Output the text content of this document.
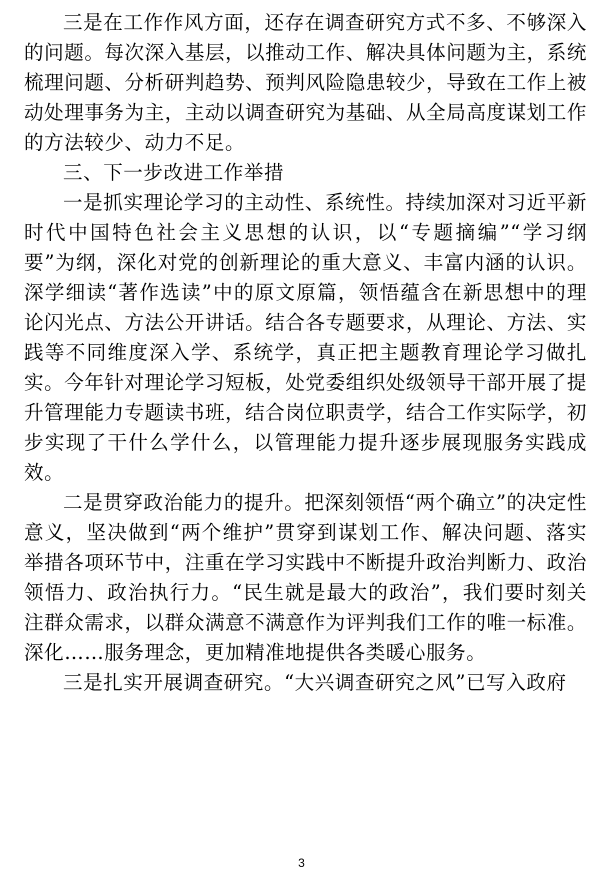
三是在工作作风方面，还存在调查研究方式不多、不够深入的问题。每次深入基层，以推动工作、解决具体问题为主，系统梳理问题、分析研判趋势、预判风险隐患较少，导致在工作上被动处理事务为主，主动以调查研究为基础、从全局高度谋划工作的方法较少、动力不足。

三、下一步改进工作举措

一是抓实理论学习的主动性、系统性。持续加深对习近平新时代中国特色社会主义思想的认识，以“专题摘编”“学习纲要”为纲，深化对党的创新理论的重大意义、丰富内涵的认识。深学细读“著作选读”中的原文原篇，领悟蕴含在新思想中的理论闪光点、方法公开讲话。结合各专题要求，从理论、方法、实践等不同维度深入学、系统学，真正把主题教育理论学习做扎实。今年针对理论学习短板，处党委组织处级领导干部开展了提升管理能力专题读书班，结合岗位职责学，结合工作实际学，初步实现了干什么学什么，以管理能力提升逐步展现服务实践成效。

二是贯穿政治能力的提升。把深刻领悟“两个确立”的决定性意义，坚决做到“两个维护”贯穿到谋划工作、解决问题、落实举措各项环节中，注重在学习实践中不断提升政治判断力、政治领悟力、政治执行力。“民生就是最大的政治”，我们要时刻关注群众需求，以群众满意不满意作为评判我们工作的唯一标准。深化……服务理念，更加精准地提供各类暖心服务。

三是扎实开展调查研究。“大兴调查研究之风”已写入政府

3
